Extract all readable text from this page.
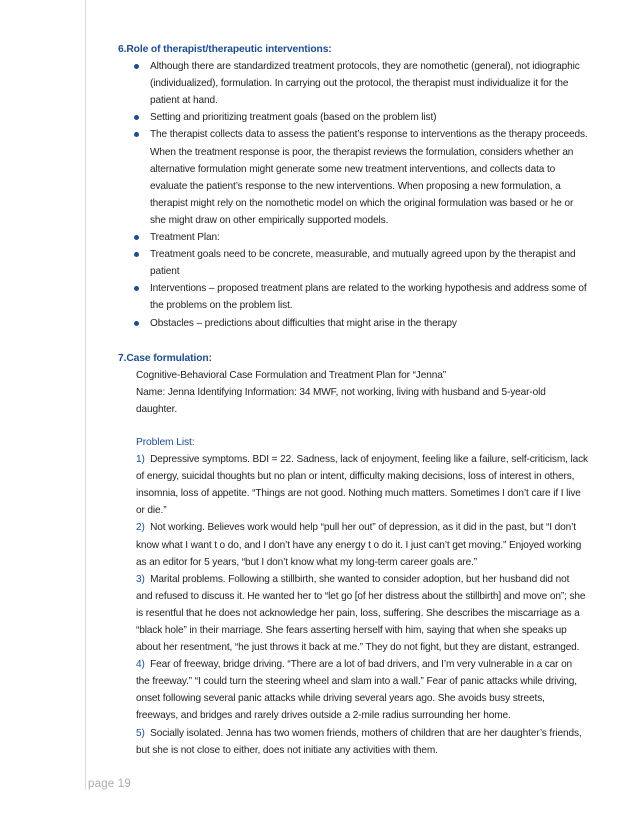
6.Role of therapist/therapeutic interventions:

Although there are standardized treatment protocols, they are nomothetic (general), not idiographic (individualized), formulation. In carrying out the protocol, the therapist must individualize it for the patient at hand.
Setting and prioritizing treatment goals (based on the problem list)
The therapist collects data to assess the patient’s response to interventions as the therapy proceeds. When the treatment response is poor, the therapist reviews the formulation, considers whether an alternative formulation might generate some new treatment interventions, and collects data to evaluate the patient’s response to the new interventions. When proposing a new formulation, a therapist might rely on the nomothetic model on which the original formulation was based or he or she might draw on other empirically supported models.
Treatment Plan:
Treatment goals need to be concrete, measurable, and mutually agreed upon by the therapist and patient
Interventions – proposed treatment plans are related to the working hypothesis and address some of the problems on the problem list.
Obstacles – predictions about difficulties that might arise in the therapy

7.Case formulation:

Cognitive-Behavioral Case Formulation and Treatment Plan for “Jenna”
Name: Jenna Identifying Information: 34 MWF, not working, living with husband and 5-year-old daughter.
Problem List:
1) Depressive symptoms. BDI = 22. Sadness, lack of enjoyment, feeling like a failure, self-criticism, lack of energy, suicidal thoughts but no plan or intent, difficulty making decisions, loss of interest in others, insomnia, loss of appetite. “Things are not good. Nothing much matters. Sometimes I don’t care if I live or die.”
2) Not working. Believes work would help “pull her out” of depression, as it did in the past, but “I don’t know what I want t o do, and I don’t have any energy t o do it. I just can’t get moving.” Enjoyed working as an editor for 5 years, “but I don’t know what my long-term career goals are.”
3) Marital problems. Following a stillbirth, she wanted to consider adoption, but her husband did not and refused to discuss it. He wanted her to “let go [of her distress about the stillbirth] and move on”; she is resentful that he does not acknowledge her pain, loss, suffering. She describes the miscarriage as a “black hole” in their marriage. She fears asserting herself with him, saying that when she speaks up about her resentment, “he just throws it back at me.” They do not fight, but they are distant, estranged.
4) Fear of freeway, bridge driving. “There are a lot of bad drivers, and I’m very vulnerable in a car on the freeway.” “I could turn the steering wheel and slam into a wall.” Fear of panic attacks while driving, onset following several panic attacks while driving several years ago. She avoids busy streets, freeways, and bridges and rarely drives outside a 2-mile radius surrounding her home.
5) Socially isolated. Jenna has two women friends, mothers of children that are her daughter’s friends, but she is not close to either, does not initiate any activities with them.
page 19
